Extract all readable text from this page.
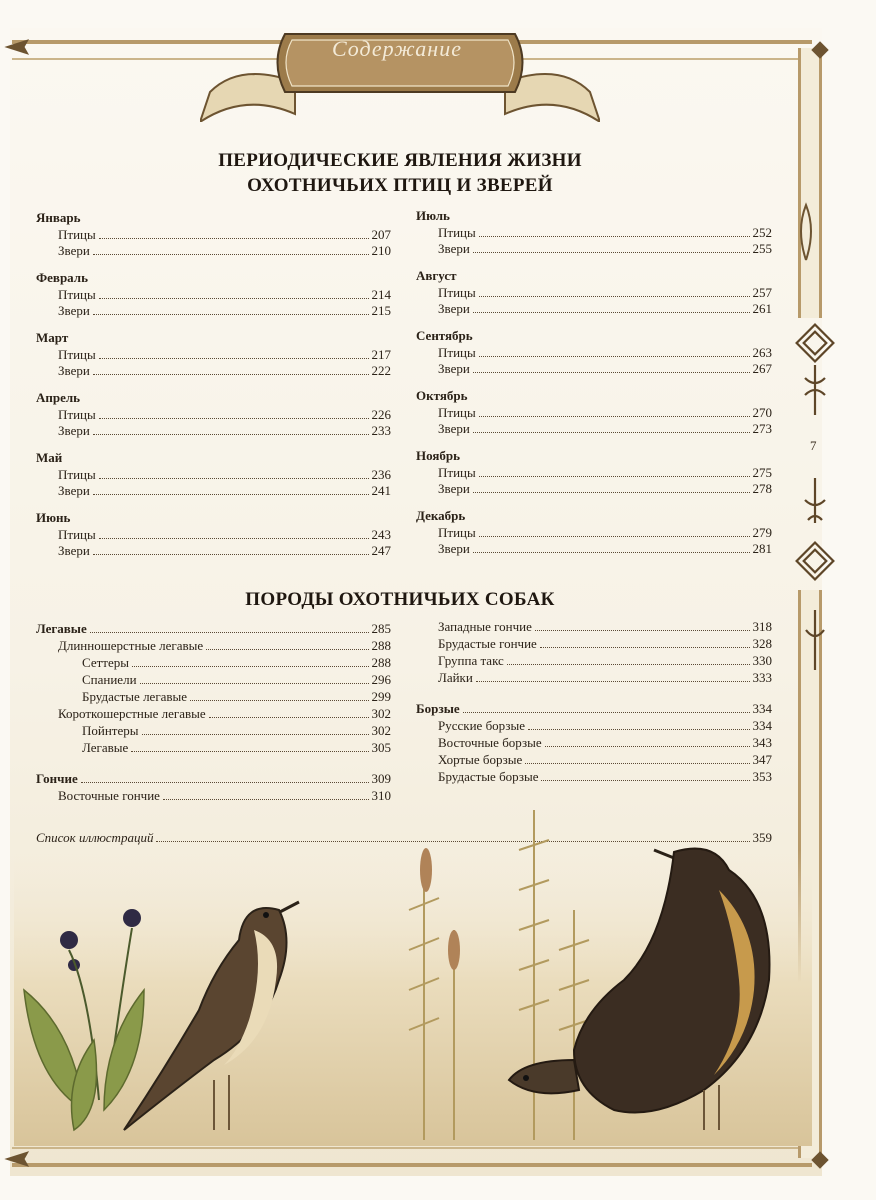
Содержание
ПЕРИОДИЧЕСКИЕ ЯВЛЕНИЯ ЖИЗНИ
ОХОТНИЧЬИХ ПТИЦ И ЗВЕРЕЙ
Январь
Птицы	207
Звери	210
Февраль
Птицы	214
Звери	215
Март
Птицы	217
Звери	222
Апрель
Птицы	226
Звери	233
Май
Птицы	236
Звери	241
Июнь
Птицы	243
Звери	247
Июль
Птицы	252
Звери	255
Август
Птицы	257
Звери	261
Сентябрь
Птицы	263
Звери	267
Октябрь
Птицы	270
Звери	273
Ноябрь
Птицы	275
Звери	278
Декабрь
Птицы	279
Звери	281
ПОРОДЫ ОХОТНИЧЬИХ СОБАК
Легавые	285
Длинношерстные легавые	288
Сеттеры	288
Спаниели	296
Брудастые легавые	299
Короткошерстные легавые	302
Пойнтеры	302
Легавые	305
Гончие	309
Восточные гончие	310
Западные гончие	318
Брудастые гончие	328
Группа такс	330
Лайки	333
Борзые	334
Русские борзые	334
Восточные борзые	343
Хортые борзые	347
Брудастые борзые	353
Список иллюстраций	359
7
